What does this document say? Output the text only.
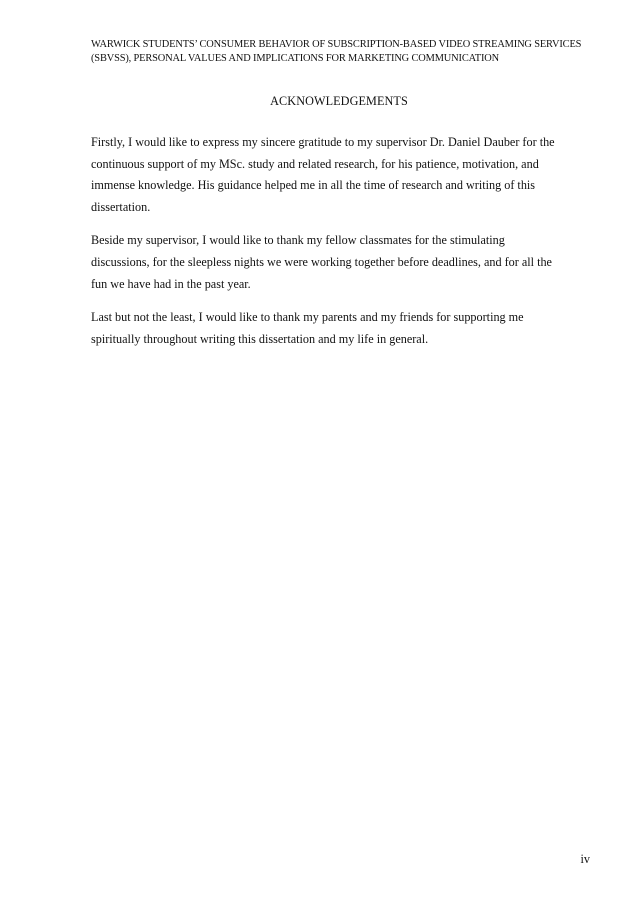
WARWICK STUDENTS’ CONSUMER BEHAVIOR OF SUBSCRIPTION-BASED VIDEO STREAMING SERVICES
(SBVSS), PERSONAL VALUES AND IMPLICATIONS FOR MARKETING COMMUNICATION
ACKNOWLEDGEMENTS

Firstly, I would like to express my sincere gratitude to my supervisor Dr. Daniel Dauber for the
continuous support of my MSc. study and related research, for his patience, motivation, and
immense knowledge. His guidance helped me in all the time of research and writing of this
dissertation.

Beside my supervisor, I would like to thank my fellow classmates for the stimulating
discussions, for the sleepless nights we were working together before deadlines, and for all the
fun we have had in the past year.

Last but not the least, I would like to thank my parents and my friends for supporting me
spiritually throughout writing this dissertation and my life in general.

iv
